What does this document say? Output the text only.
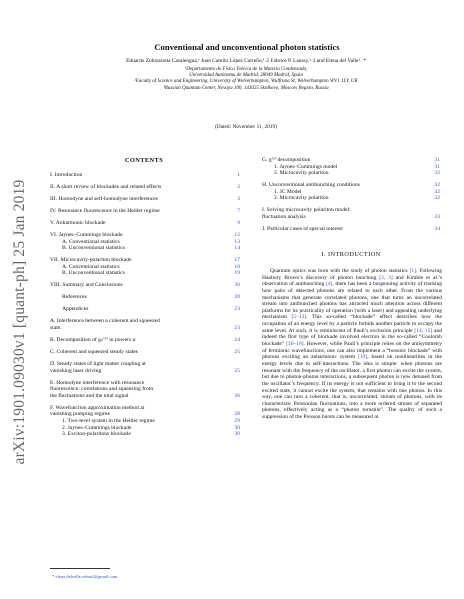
arXiv:1901.09030v1 [quant-ph] 25 Jan 2019
Conventional and unconventional photon statistics
Eduardo Zubizarreta Casalengua,¹ Juan Camilo López Carreño,¹˒2 Fabrice P. Laussy,²˒3 and Elena del Valle¹˒ *
¹Departamento de Física Teórica de la Materia Condensada,
Universidad Autónoma de Madrid, 28049 Madrid, Spain
²Faculty of Science and Engineering, University of Wolverhampton, Wulfruna St, Wolverhampton WV1 1LY, UK
³Russian Quantum Center, Novaya 100, 143025 Skolkovo, Moscow Region, Russia
(Dated: November 11, 2019)
CONTENTS
I. Introduction	1
II. A short review of blockades and related effects	2
III. Homodyne and self-homodyne interferences	3
IV. Resonance fluorescence in the Heitler regime	7
V. Anharmonic blockade	9
VI. Jaynes–Cummings blockade	12
A. Conventional statistics	13
B. Unconventional statistics	14
VII. Microcavity-polariton blockade	17
A. Conventional statistics	18
B. Unconventional statistics	19
VIII. Summary and Conclusions	20
References	20
Appendices	23
A. Interference between a coherent and squeezed
state.	23
B. Decomposition of gₙ⁽³⁾ in powers α	24
C. Coherent and squeezed steady states	25
D. Steady states of light matter coupling at
vanishing laser driving	25
E. Homodyne interference with resonance
fluorescence: correlations and squeezing from
the fluctuations and the total signal	26
F. Wavefunction approximation method at
vanishing pumping regime	28
1. Two-level system in the Heitler regime	29
2. Jaynes–Cummings blockade	30
3. Exciton-polaritons blockade	30
G. g⁽²⁾ decomposition	31
1. Jaynes–Cummings model	31
2. Microcavity polariton	32
H. Unconventional antibunching conditions	32
1. JC Model	32
2. Microcavity polariton	32
I. Solving microcavity polariton model:
fluctuation analysis	33
J. Particular cases of special interest	34
I. INTRODUCTION

Quantum optics was born with the study of photon statistics [1]. Following Hanbury Brown’s discovery of photon bunching [2, 3] and Kimble et al.’s observation of antibunching [4], there has been a burgeoning activity of tracking how pairs of detected photons are related to each other. From the various mechanisms that generate correlated photons, one that turns an uncorrelated stream into antibunched photons has attracted much attention across different platforms for its practicality of operation (with a laser) and appealing underlying mechanism [5–13]. This so-called “blockade” effect describes how the occupation of an energy level by a particle forbids another particle to occupy the same level. At such, it is reminiscent of Pauli’s exclusion principle [14, 15] and indeed the first type of blockade involved electron in the so-called “Coulomb blockade” [16–18]. However, while Pauli’s principle relies on the antisymmetry of fermionic wavefunctions, one can also implement a “bosonic blockade” with photons exciting an anharmonic system [19], based on nonlinearities in the energy levels due to self-interactions. The idea is simple: when photons are resonant with the frequency of the oscillator, a first photon can excite the system, but due to photon-photon interactions, a subsequent photon is now detuned from the oscillator’s frequency. If its energy is not sufficient to bring it to the second excited state, it cannot excite the system, that remains with one photon. In this way, one can turn a coherent, that is, uncorrelated, stream of photons, with its characteristic Poissonian fluctuations, into a more ordered stream of separated photons, effectively acting as a “photon turnstile”. The quality of such a suppression of the Poisson bursts can be measured at

* elena.delvalle.reboul@gmail.com
